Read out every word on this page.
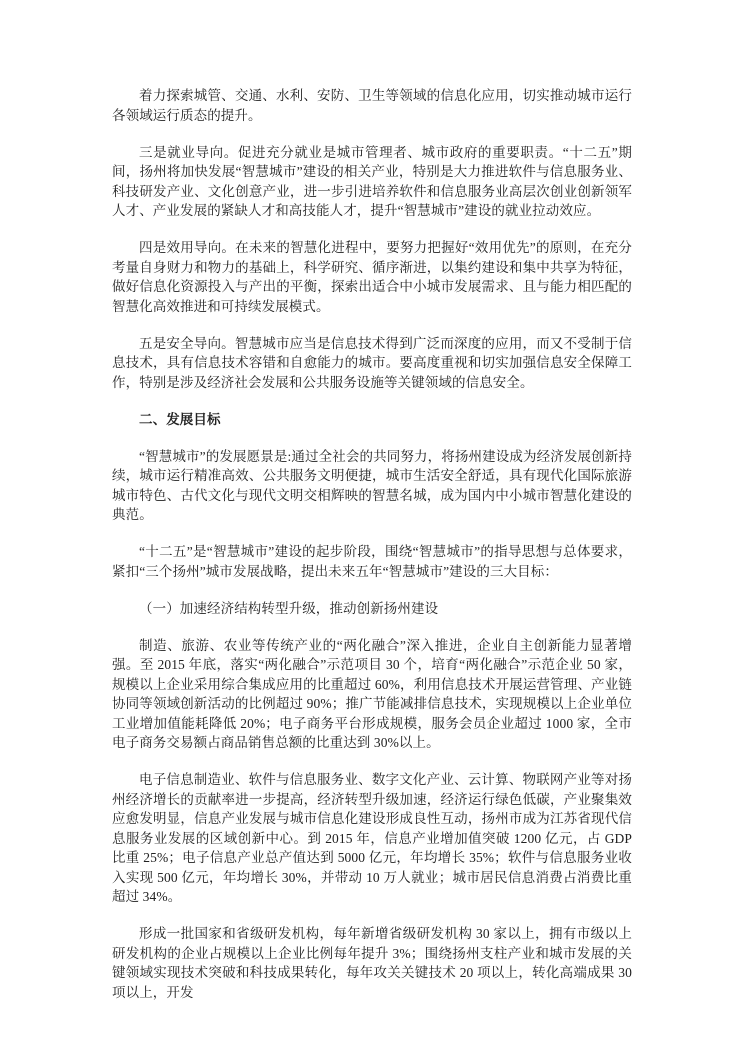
着力探索城管、交通、水利、安防、卫生等领域的信息化应用，切实推动城市运行各领域运行质态的提升。

三是就业导向。促进充分就业是城市管理者、城市政府的重要职责。“十二五”期间，扬州将加快发展“智慧城市”建设的相关产业，特别是大力推进软件与信息服务业、科技研发产业、文化创意产业，进一步引进培养软件和信息服务业高层次创业创新领军人才、产业发展的紧缺人才和高技能人才，提升“智慧城市”建设的就业拉动效应。

四是效用导向。在未来的智慧化进程中，要努力把握好“效用优先”的原则，在充分考量自身财力和物力的基础上，科学研究、循序渐进，以集约建设和集中共享为特征，做好信息化资源投入与产出的平衡，探索出适合中小城市发展需求、且与能力相匹配的智慧化高效推进和可持续发展模式。

五是安全导向。智慧城市应当是信息技术得到广泛而深度的应用，而又不受制于信息技术，具有信息技术容错和自愈能力的城市。要高度重视和切实加强信息安全保障工作，特别是涉及经济社会发展和公共服务设施等关键领域的信息安全。

二、发展目标

“智慧城市”的发展愿景是:通过全社会的共同努力，将扬州建设成为经济发展创新持续，城市运行精准高效、公共服务文明便捷，城市生活安全舒适，具有现代化国际旅游城市特色、古代文化与现代文明交相辉映的智慧名城，成为国内中小城市智慧化建设的典范。

“十二五”是“智慧城市”建设的起步阶段，围绕“智慧城市”的指导思想与总体要求，紧扣“三个扬州”城市发展战略，提出未来五年“智慧城市”建设的三大目标：

（一）加速经济结构转型升级，推动创新扬州建设

制造、旅游、农业等传统产业的“两化融合”深入推进，企业自主创新能力显著增强。至 2015 年底，落实“两化融合”示范项目 30 个，培育“两化融合”示范企业 50 家，规模以上企业采用综合集成应用的比重超过 60%，利用信息技术开展运营管理、产业链协同等领域创新活动的比例超过 90%；推广节能减排信息技术，实现规模以上企业单位工业增加值能耗降低 20%；电子商务平台形成规模，服务会员企业超过 1000 家，全市电子商务交易额占商品销售总额的比重达到 30%以上。

电子信息制造业、软件与信息服务业、数字文化产业、云计算、物联网产业等对扬州经济增长的贡献率进一步提高，经济转型升级加速，经济运行绿色低碳，产业聚集效应愈发明显，信息产业发展与城市信息化建设形成良性互动，扬州市成为江苏省现代信息服务业发展的区域创新中心。到 2015 年，信息产业增加值突破 1200 亿元，占 GDP 比重 25%；电子信息产业总产值达到 5000 亿元，年均增长 35%；软件与信息服务业收入实现 500 亿元，年均增长 30%，并带动 10 万人就业；城市居民信息消费占消费比重超过 34%。

形成一批国家和省级研发机构，每年新增省级研发机构 30 家以上，拥有市级以上研发机构的企业占规模以上企业比例每年提升 3%；围绕扬州支柱产业和城市发展的关键领域实现技术突破和科技成果转化，每年攻关关键技术 20 项以上，转化高端成果 30 项以上，开发
